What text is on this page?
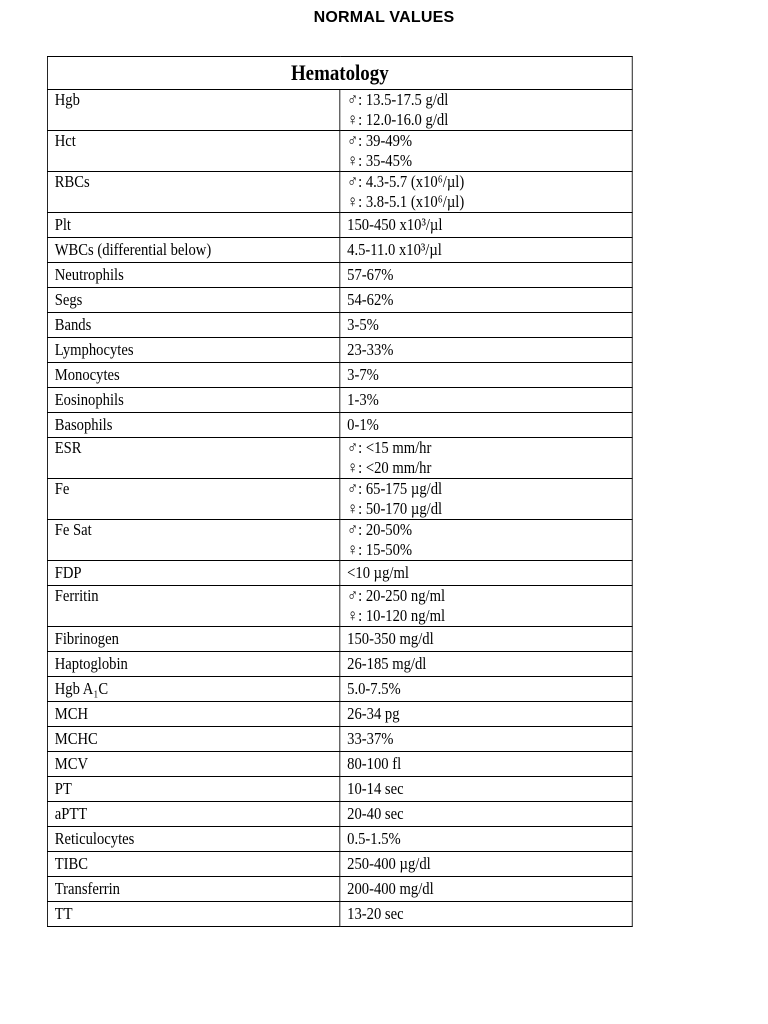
NORMAL VALUES
Hematology	
Hgb	♂: 13.5-17.5 g/dl
♀: 12.0-16.0 g/dl

Hct	♂: 39-49%
♀: 35-45%

RBCs	♂: 4.3-5.7 (x10⁶/µl)
♀: 3.8-5.1 (x10⁶/µl)

Plt	150-450 x10³/µl

WBCs (differential below)	4.5-11.0 x10³/µl

Neutrophils	57-67%

Segs	54-62%

Bands	3-5%

Lymphocytes	23-33%

Monocytes	3-7%

Eosinophils	1-3%

Basophils	0-1%

ESR	♂: <15 mm/hr
♀: <20 mm/hr

Fe	♂: 65-175 µg/dl
♀: 50-170 µg/dl

Fe Sat	♂: 20-50%
♀: 15-50%

FDP	<10 µg/ml

Ferritin	♂: 20-250 ng/ml
♀: 10-120 ng/ml

Fibrinogen	150-350 mg/dl

Haptoglobin	26-185 mg/dl

Hgb A₁C	5.0-7.5%

MCH	26-34 pg

MCHC	33-37%

MCV	80-100 fl

PT	10-14 sec

aPTT	20-40 sec

Reticulocytes	0.5-1.5%

TIBC	250-400 µg/dl

Transferrin	200-400 mg/dl

TT	13-20 sec
